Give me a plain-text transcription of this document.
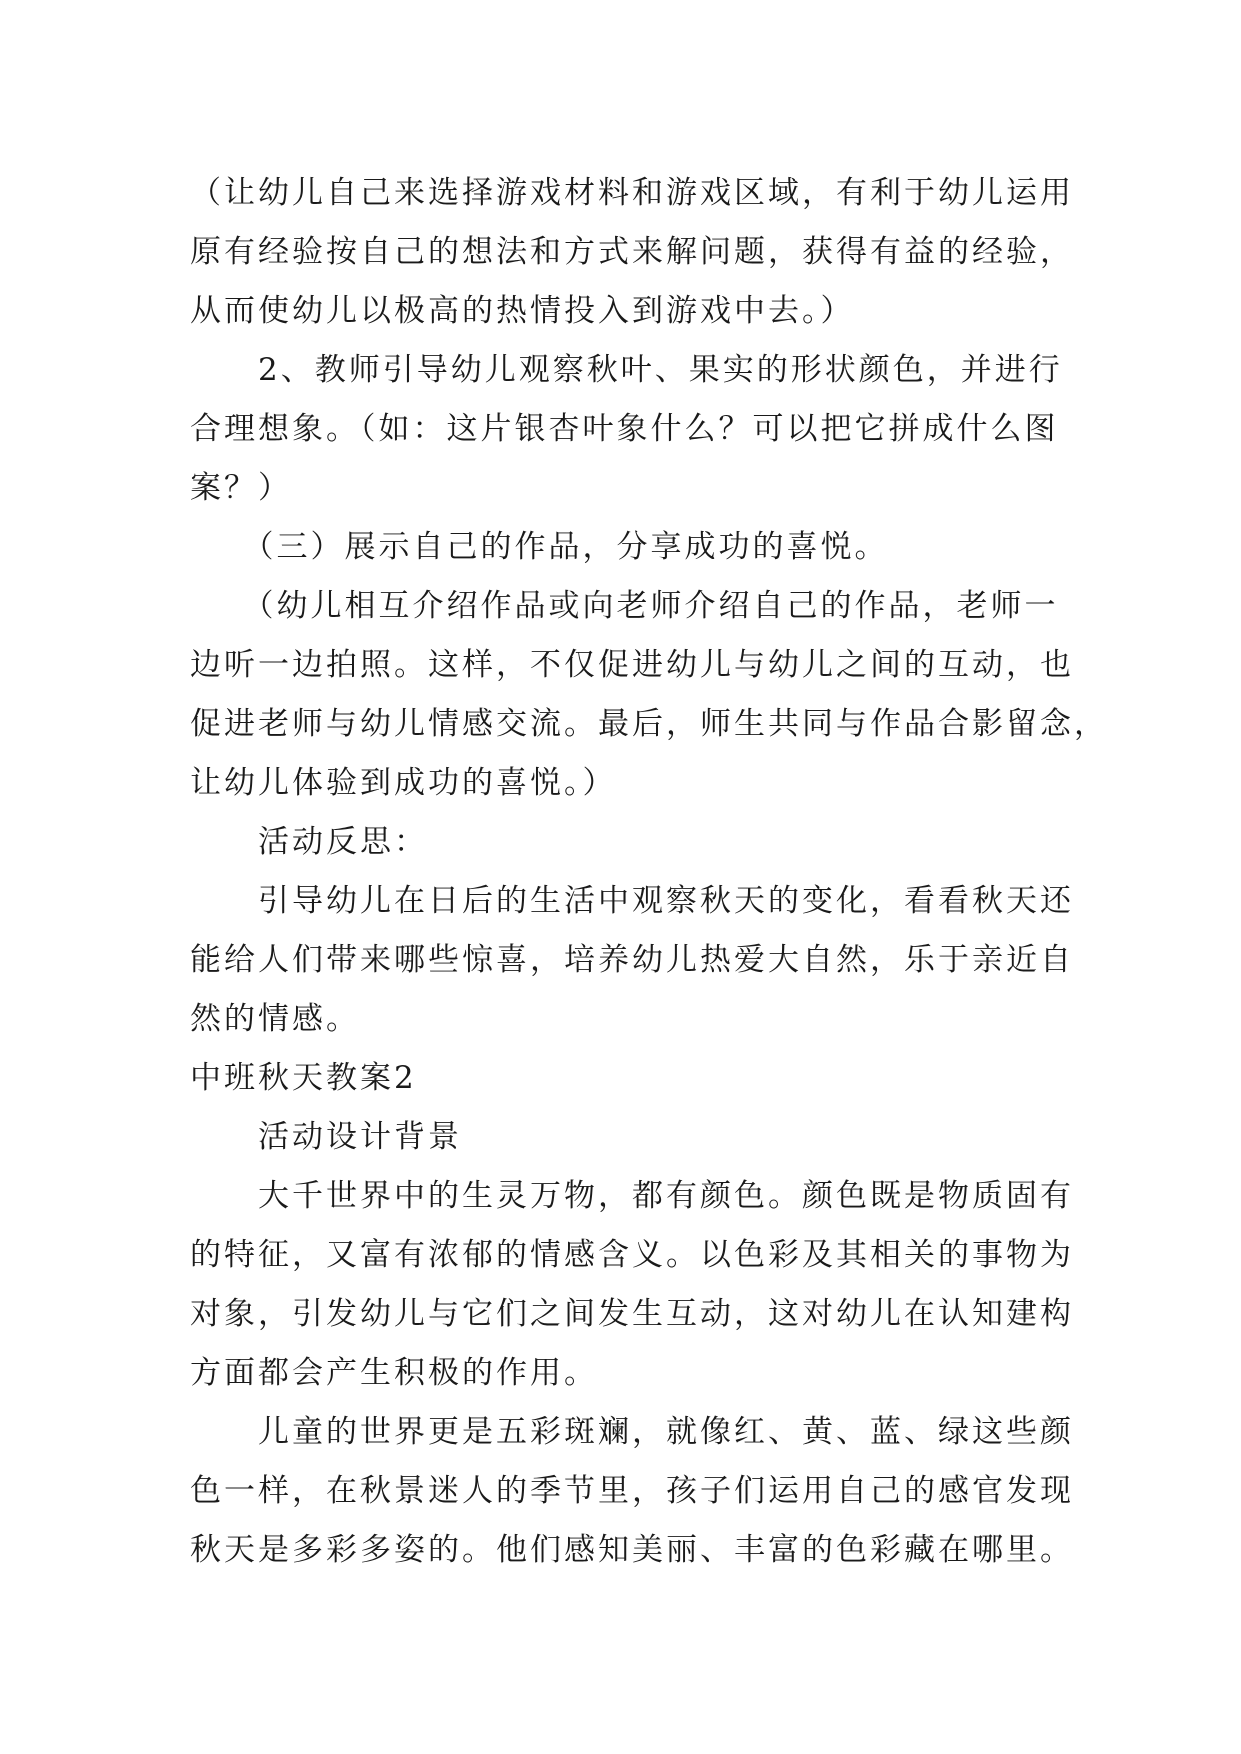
（让幼儿自己来选择游戏材料和游戏区域，有利于幼儿运用

原有经验按自己的想法和方式来解问题，获得有益的经验，

从而使幼儿以极高的热情投入到游戏中去。）

　　2、教师引导幼儿观察秋叶、果实的形状颜色，并进行

合理想象。（如：这片银杏叶象什么？可以把它拼成什么图

案？）

　　（三）展示自己的作品，分享成功的喜悦。

　　（幼儿相互介绍作品或向老师介绍自己的作品，老师一

边听一边拍照。这样，不仅促进幼儿与幼儿之间的互动，也

促进老师与幼儿情感交流。最后，师生共同与作品合影留念，

让幼儿体验到成功的喜悦。）

　　活动反思：

　　引导幼儿在日后的生活中观察秋天的变化，看看秋天还

能给人们带来哪些惊喜，培养幼儿热爱大自然，乐于亲近自

然的情感。

中班秋天教案2

　　活动设计背景

　　大千世界中的生灵万物，都有颜色。颜色既是物质固有

的特征，又富有浓郁的情感含义。以色彩及其相关的事物为

对象，引发幼儿与它们之间发生互动，这对幼儿在认知建构

方面都会产生积极的作用。

　　儿童的世界更是五彩斑斓，就像红、黄、蓝、绿这些颜

色一样，在秋景迷人的季节里，孩子们运用自己的感官发现

秋天是多彩多姿的。他们感知美丽、丰富的色彩藏在哪里。
